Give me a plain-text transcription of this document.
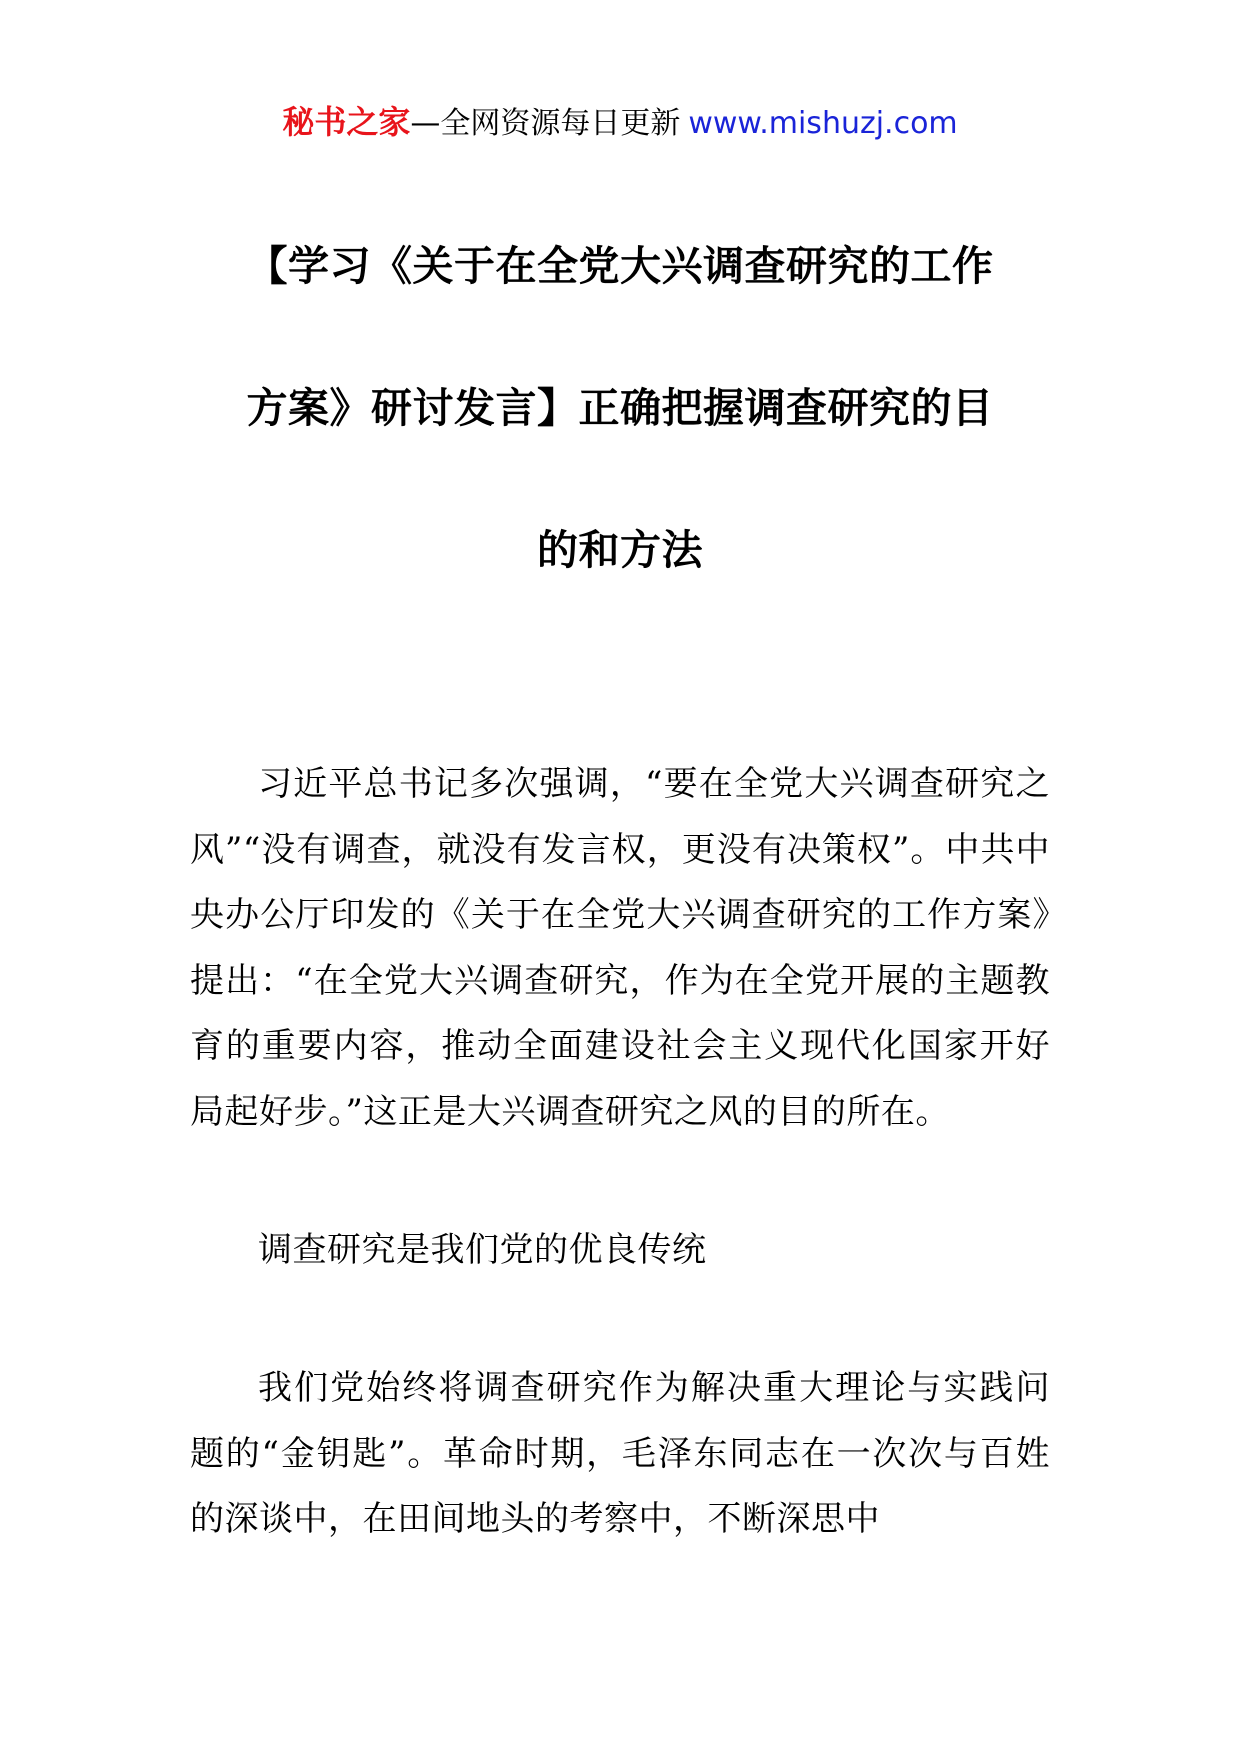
秘书之家—全网资源每日更新 www.mishuzj.com
【学习《关于在全党大兴调查研究的工作
方案》研讨发言】正确把握调查研究的目
的和方法

习近平总书记多次强调，“要在全党大兴调查研究之风”“没有调查，就没有发言权，更没有决策权”。中共中央办公厅印发的《关于在全党大兴调查研究的工作方案》提出：“在全党大兴调查研究，作为在全党开展的主题教育的重要内容，推动全面建设社会主义现代化国家开好局起好步。”这正是大兴调查研究之风的目的所在。

调查研究是我们党的优良传统

我们党始终将调查研究作为解决重大理论与实践问题的“金钥匙”。革命时期，毛泽东同志在一次次与百姓的深谈中，在田间地头的考察中，不断深思中
